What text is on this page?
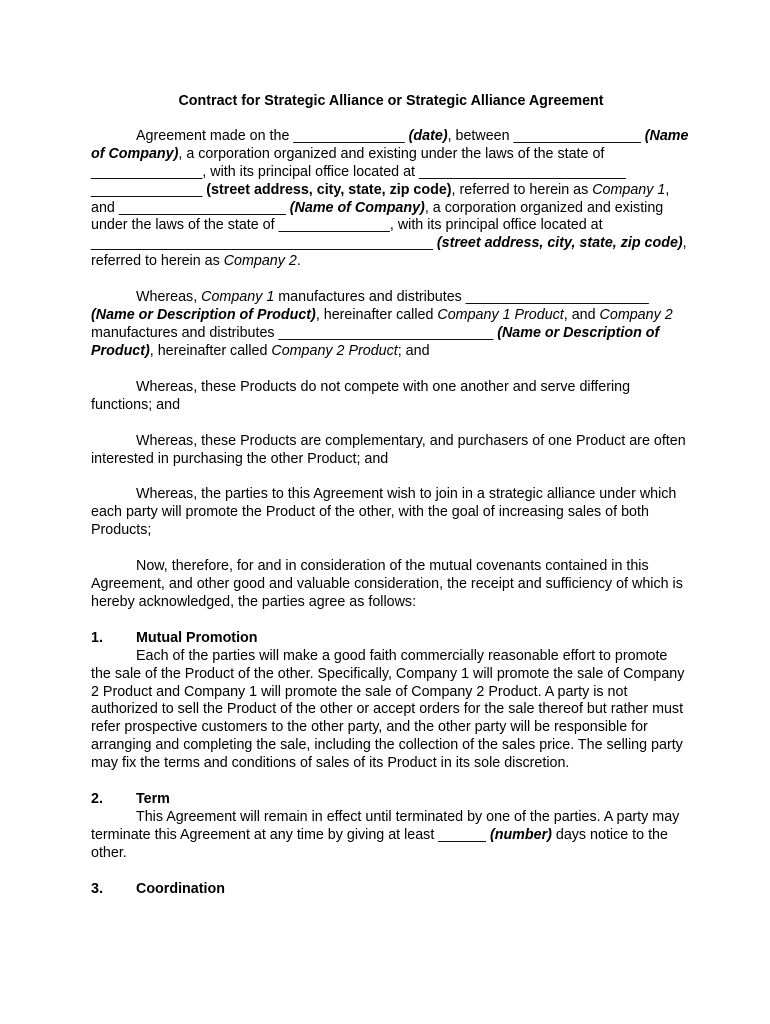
Contract for Strategic Alliance or Strategic Alliance Agreement

Agreement made on the ______________ (date), between ________________ (Name of Company), a corporation organized and existing under the laws of the state of ______________, with its principal office located at __________________________ ______________ (street address, city, state, zip code), referred to herein as Company 1, and _____________________ (Name of Company), a corporation organized and existing under the laws of the state of ______________, with its principal office located at ___________________________________________ (street address, city, state, zip code), referred to herein as Company 2.

Whereas, Company 1 manufactures and distributes _______________________ (Name or Description of Product), hereinafter called Company 1 Product, and Company 2 manufactures and distributes ___________________________ (Name or Description of Product), hereinafter called Company 2 Product; and

Whereas, these Products do not compete with one another and serve differing functions; and

Whereas, these Products are complementary, and purchasers of one Product are often interested in purchasing the other Product; and

Whereas, the parties to this Agreement wish to join in a strategic alliance under which each party will promote the Product of the other, with the goal of increasing sales of both Products;

Now, therefore, for and in consideration of the mutual covenants contained in this Agreement, and other good and valuable consideration, the receipt and sufficiency of which is hereby acknowledged, the parties agree as follows:

1. Mutual Promotion

Each of the parties will make a good faith commercially reasonable effort to promote the sale of the Product of the other. Specifically, Company 1 will promote the sale of Company 2 Product and Company 1 will promote the sale of Company 2 Product. A party is not authorized to sell the Product of the other or accept orders for the sale thereof but rather must refer prospective customers to the other party, and the other party will be responsible for arranging and completing the sale, including the collection of the sales price. The selling party may fix the terms and conditions of sales of its Product in its sole discretion.

2. Term

This Agreement will remain in effect until terminated by one of the parties. A party may terminate this Agreement at any time by giving at least ______ (number) days notice to the other.

3. Coordination
